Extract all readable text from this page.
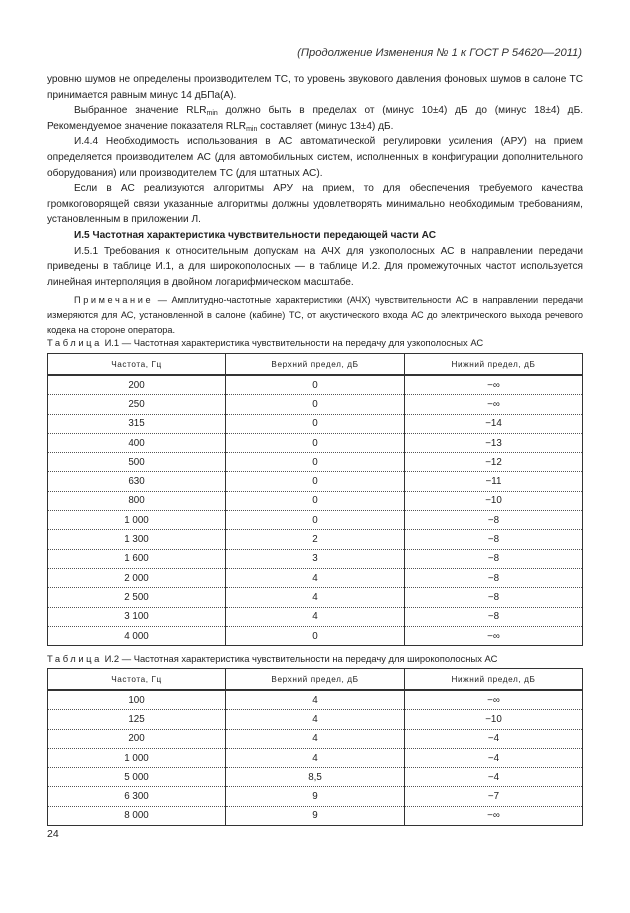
(Продолжение Изменения № 1 к ГОСТ Р 54620—2011)

уровню шумов не определены производителем ТС, то уровень звукового давления фоновых шумов в салоне ТС принимается равным минус 14 дБПа(А).

Выбранное значение $RLR_{min}$ должно быть в пределах от (минус 10±4) дБ до (минус 18±4) дБ. Рекомендуемое значение показателя $RLR_{min}$ составляет (минус 13±4) дБ.

И.4.4 Необходимость использования в АС автоматической регулировки усиления (АРУ) на прием определяется производителем АС (для автомобильных систем, исполненных в конфигурации дополнительного оборудования) или производителем ТС (для штатных АС).

Если в АС реализуются алгоритмы АРУ на прием, то для обеспечения требуемого качества громкоговорящей связи указанные алгоритмы должны удовлетворять минимально необходимым требованиям, установленным в приложении Л.

И.5 Частотная характеристика чувствительности передающей части АС

И.5.1 Требования к относительным допускам на АЧХ для узкополосных АС в направлении передачи приведены в таблице И.1, а для широкополосных — в таблице И.2. Для промежуточных частот используется линейная интерполяция в двойном логарифмическом масштабе.

Примечание — Амплитудно-частотные характеристики (АЧХ) чувствительности АС в направлении передачи измеряются для АС, установленной в салоне (кабине) ТС, от акустического входа АС до электрического выхода речевого кодека на стороне оператора.

Таблица И.1 — Частотная характеристика чувствительности на передачу для узкополосных АС
Частота, Гц	Верхний предел, дБ	Нижний предел, дБ
200	0	−∞
250	0	−∞
315	0	−14
400	0	−13
500	0	−12
630	0	−11
800	0	−10
1 000	0	−8
1 300	2	−8
1 600	3	−8
2 000	4	−8
2 500	4	−8
3 100	4	−8
4 000	0	−∞
Таблица И.2 — Частотная характеристика чувствительности на передачу для широкополосных АС
Частота, Гц	Верхний предел, дБ	Нижний предел, дБ
100	4	−∞
125	4	−10
200	4	−4
1 000	4	−4
5 000	8,5	−4
6 300	9	−7
8 000	9	−∞
24
